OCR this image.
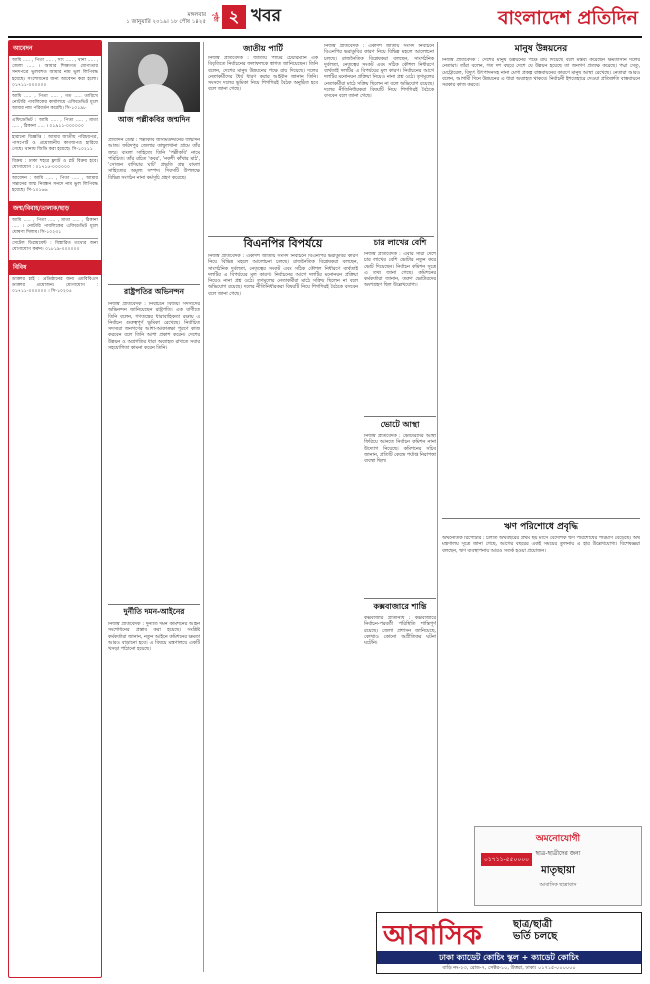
মঙ্গলবার
১ জানুয়ারি ২০১৯। ১৮ পৌষ ১৪২৫
পৃষ্ঠা ২ খবর	বাংলাদেশ প্রতিদিন
আবেদন
আমি ..... , পিতা ..... , সাং ..... , থানা ..... , জেলা ..... । আমার শিক্ষাগত যোগ্যতার সনদপত্রে ভুলবশত আমার নাম ভুল লিপিবদ্ধ হয়েছে। সংশোধনের জন্য আবেদন করা হলো। ০১৭১১-০০০০০০
আমি ..... , পিতা ..... , গত ..... তারিখে নোটারি পাবলিকের কার্যালয়ে এফিডেভিট মূলে আমার নাম পরিবর্তন করেছি। সি-১০১৯৮
এফিডেভিট : আমি ..... , পিতা ..... , মাতা ..... , ঠিকানা ..... । ০১৯১১-০০০০০০
হারানো বিজ্ঞপ্তি : আমার জাতীয় পরিচয়পত্র, পাসপোর্ট ও প্রয়োজনীয় কাগজপত্র হারিয়ে গেছে। থানায় জিডি করা হয়েছে। সি-১০২১১
বিক্রয় : ঢাকা শহরে ফ্ল্যাট ও প্লট বিক্রয় হবে। যোগাযোগ : ০১৭১৫-০০০০০০
আবেদন : আমি ..... , পিতা ..... , আমার সন্তানের জন্ম নিবন্ধন সনদে নাম ভুল লিপিবদ্ধ হয়েছে। সি-১০১৬৬
জন্ম/বিবাহ/তালাক/ছাড়
আমি ..... , পিতা ..... , মাতা ..... , ঠিকানা ..... । নোটারি পাবলিকের এফিডেভিট মূলে ঘোষণা দিলাম। সি-১০২৩১
সেটেল ডিপ্লয়মেন্ট : বিস্তারিত তথ্যের জন্য যোগাযোগ করুন। ০১৮১৯-০০০০০০
বিবিধ
ডাক্তার চাই : প্রতিষ্ঠানের জন্য এমবিবিএস ডাক্তার প্রয়োজন। যোগাযোগ : ০১৭১১-০০০০০০ । সি-১০২০৫
আজ পল্লীকবির জন্মদিন
প্রতিদিন ডেস্ক : পল্লীকবি জসীমউদ্দীনের জন্মদিন আজ। ফরিদপুর জেলার তাম্বুলখানা গ্রামে তাঁর জন্ম। বাংলা সাহিত্যে তিনি 'পল্লীকবি' নামে পরিচিত। তাঁর রচিত 'কবর', 'নকশী কাঁথার মাঠ', 'সোজন বাদিয়ার ঘাট' প্রভৃতি গ্রন্থ বাংলা সাহিত্যের অমূল্য সম্পদ। দিবসটি উপলক্ষে বিভিন্ন সংগঠন নানা কর্মসূচি গ্রহণ করেছে।
রাষ্ট্রপতির অভিনন্দন
নিজস্ব প্রতিবেদক : নির্বাচনে বিজয়ী সদস্যদের অভিনন্দন জানিয়েছেন রাষ্ট্রপতি। এক বাণীতে তিনি বলেন, গণতন্ত্রের ধারাবাহিকতা রক্ষায় এ নির্বাচন গুরুত্বপূর্ণ ভূমিকা রেখেছে। নির্বাচিত সদস্যরা জনগণের আশা-আকাঙ্ক্ষা পূরণে কাজ করবেন বলে তিনি আশা প্রকাশ করেন। দেশের উন্নয়ন ও অগ্রগতির ধারা অব্যাহত রাখতে সবার সহযোগিতা কামনা করেন তিনি।
দুর্নীতি দমন-আইনের
নিজস্ব প্রতিবেদক : দুর্নীতি দমন কমিশনের আইন সংশোধনের প্রস্তাব করা হয়েছে। সংশ্লিষ্ট কর্মকর্তারা জানান, নতুন আইনে কমিশনের ক্ষমতা আরও বাড়ানো হবে। এ বিষয়ে মন্ত্রণালয়ে একটি খসড়া পাঠানো হয়েছে।
জাতীয় পার্টি
নিজস্ব প্রতিবেদক : জাতীয় পার্টির চেয়ারম্যান এক বিবৃতিতে নির্বাচনের ফলাফলকে স্বাগত জানিয়েছেন। তিনি বলেন, দেশের মানুষ উন্নয়নের পক্ষে রায় দিয়েছে। দলের নেতাকর্মীদের ধৈর্য ধারণ করার আহ্বান জানান তিনি। সংসদে দলের ভূমিকা নিয়ে শিগগিরই বৈঠক অনুষ্ঠিত হবে বলে জানা গেছে।
নিজস্ব প্রতিবেদক : একাদশ জাতীয় সংসদ নির্বাচনে বিএনপির ভরাডুবির কারণ নিয়ে বিভিন্ন মহলে আলোচনা চলছে। রাজনৈতিক বিশ্লেষকরা বলছেন, সাংগঠনিক দুর্বলতা, নেতৃত্বের সংকট এবং সঠিক কৌশল নির্ধারণে ব্যর্থতাই দলটির এ বিপর্যয়ের মূল কারণ। নির্বাচনের আগে দলটির মনোনয়ন প্রক্রিয়া নিয়েও নানা প্রশ্ন ওঠে। তৃণমূলের নেতাকর্মীরা মাঠে সক্রিয় ছিলেন না বলে অভিযোগ রয়েছে। দলের নীতিনির্ধারকরা বিষয়টি নিয়ে শিগগিরই বৈঠকে বসবেন বলে জানা গেছে।
বিএনপির বিপর্যয়ে
নিজস্ব প্রতিবেদক : একাদশ জাতীয় সংসদ নির্বাচনে বিএনপির ভরাডুবির কারণ নিয়ে বিভিন্ন মহলে আলোচনা চলছে। রাজনৈতিক বিশ্লেষকরা বলছেন, সাংগঠনিক দুর্বলতা, নেতৃত্বের সংকট এবং সঠিক কৌশল নির্ধারণে ব্যর্থতাই দলটির এ বিপর্যয়ের মূল কারণ। নির্বাচনের আগে দলটির মনোনয়ন প্রক্রিয়া নিয়েও নানা প্রশ্ন ওঠে। তৃণমূলের নেতাকর্মীরা মাঠে সক্রিয় ছিলেন না বলে অভিযোগ রয়েছে। দলের নীতিনির্ধারকরা বিষয়টি নিয়ে শিগগিরই বৈঠকে বসবেন বলে জানা গেছে।
চার লাখের বেশি
নিজস্ব প্রতিবেদক : এবার সারা দেশে চার লাখের বেশি ভোটার নতুন করে ভোট দিয়েছেন। নির্বাচন কমিশন সূত্রে এ তথ্য জানা গেছে। কমিশনের কর্মকর্তারা জানান, তরুণ ভোটারদের অংশগ্রহণ ছিল উল্লেখযোগ্য।
ভোটে আস্থা
নিজস্ব প্রতিবেদক : ভোটারদের আস্থা ফিরিয়ে আনতে নির্বাচন কমিশন নানা উদ্যোগ নিয়েছে। কমিশনের সচিব জানান, প্রতিটি কেন্দ্রে পর্যাপ্ত নিরাপত্তা ব্যবস্থা ছিল।
কক্সবাজারে শান্তি
কক্সবাজার প্রতিনিধি : কক্সবাজারে নির্বাচন-পরবর্তী পরিস্থিতি শান্তিপূর্ণ রয়েছে। জেলা প্রশাসন জানিয়েছে, কোথাও কোনো অপ্রীতিকর ঘটনা ঘটেনি।
মানুষ উন্নয়নের
নিজস্ব প্রতিবেদক : দেশের মানুষ উন্নয়নের পক্ষে রায় দিয়েছে বলে মন্তব্য করেছেন ক্ষমতাসীন দলের নেতারা। তাঁরা বলেন, গত দশ বছরে দেশে যে উন্নয়ন হয়েছে তা জনগণ প্রত্যক্ষ করেছে। পদ্মা সেতু, মেট্রোরেল, বিদ্যুৎ উৎপাদনসহ নানা মেগা প্রকল্প বাস্তবায়নের কারণে মানুষ আস্থা রেখেছে। নেতারা আরও বলেন, আগামী দিনে উন্নয়নের এ ধারা অব্যাহত থাকবে। নির্বাচনী ইশতেহারে দেওয়া প্রতিশ্রুতি বাস্তবায়নে সরকার কাজ করবে।
ঋণ পরিশোধে প্রবৃদ্ধি
অর্থনৈতিক রিপোর্টার : চলতি অর্থবছরের প্রথম ছয় মাসে বৈদেশিক ঋণ পরিশোধের পরিমাণ বেড়েছে। অর্থ মন্ত্রণালয় সূত্রে জানা গেছে, আগের বছরের একই সময়ের তুলনায় এ হার উল্লেখযোগ্য। বিশেষজ্ঞরা বলছেন, ঋণ ব্যবস্থাপনায় আরও সতর্ক হওয়া প্রয়োজন।
অমনোযোগী
ছাত্র-ছাত্রীদের জন্য
মাতৃছায়া
আবাসিক ছাত্রাবাস
০১৭১১-৫৫০০০০
আবাসিক	ছাত্র/ছাত্রী
ভর্তি চলছে
ঢাকা ক্যাডেট কোচিং স্কুল + ক্যাডেট কোচিং
বাড়ি নং-২৩, রোড-৭, সেক্টর-১০, উত্তরা, ঢাকা। ০১৭১৫-০০০০০০
